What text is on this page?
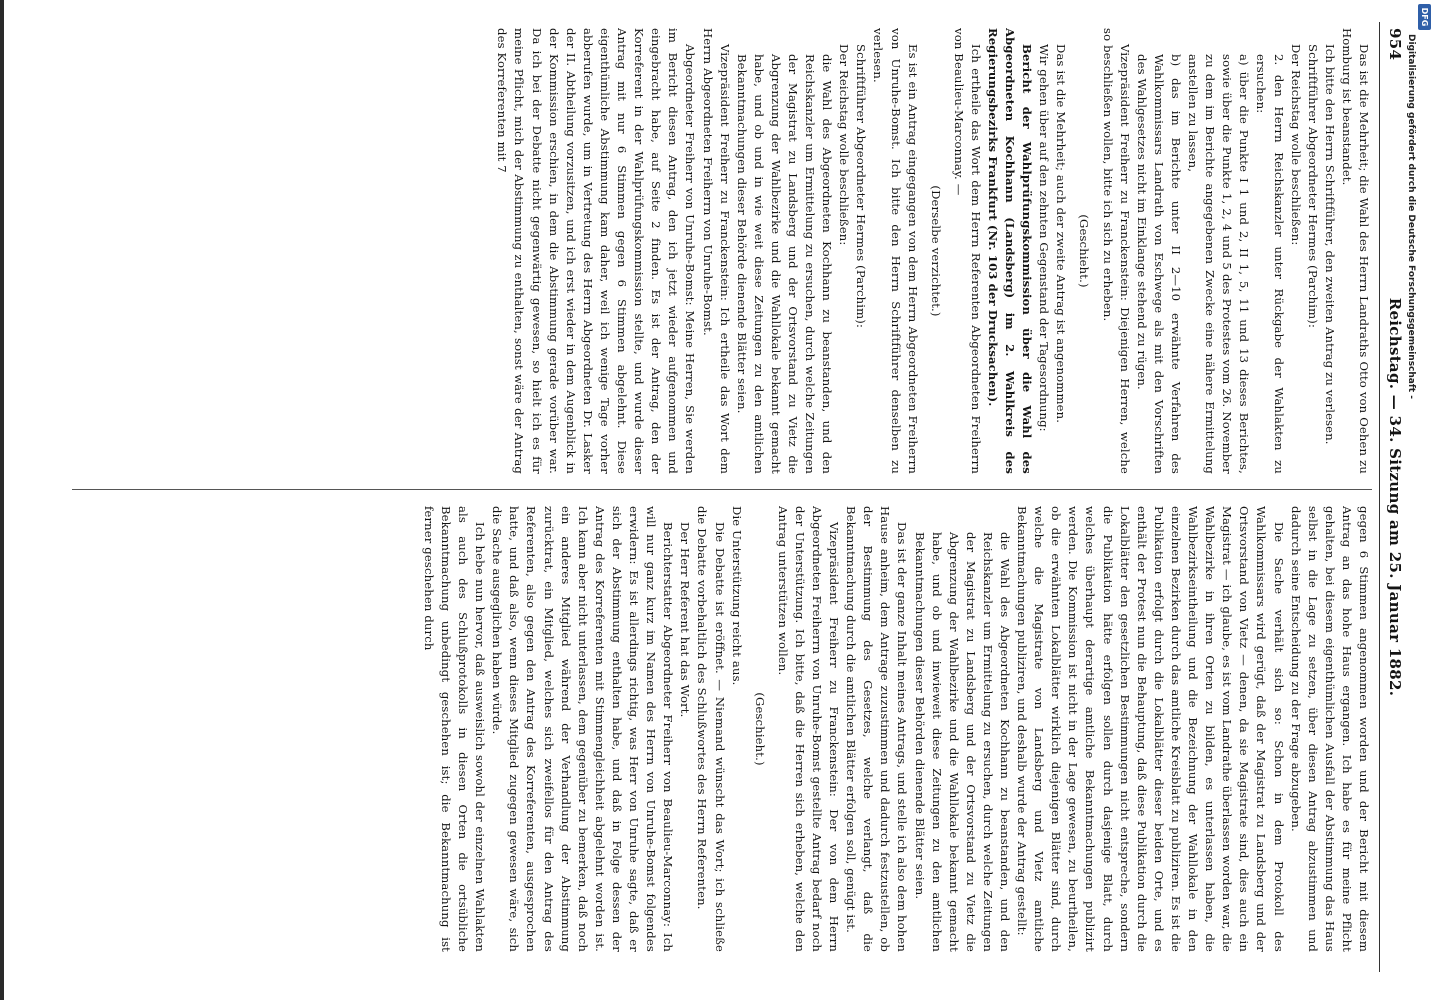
954
Reichstag. — 34. Sitzung am 25. Januar 1882.

Das ist die Mehrheit; die Wahl des Herrn Landraths Otto von Oehen zu Homburg ist beanstandet.

Ich bitte den Herrn Schriftführer, den zweiten Antrag zu verlesen.

Schriftführer Abgeordneter Hermes (Parchim):

Der Reichstag wolle beschließen:

2. den Herrn Reichskanzler unter Rückgabe der Wahlakten zu ersuchen:

a) über die Punkte I 1 und 2, II 1, 5, 11 und 13 dieses Berichtes, sowie über die Punkte 1, 2, 4 und 5 des Protestes vom 26. November zu dem im Berichte angegebenen Zwecke eine nähere Ermittelung anstellen zu lassen,

b) das im Berichte unter II 2—10 erwähnte Verfahren des Wahlkommissars Landrath von Eschwege als mit den Vorschriften des Wahlgesetzes nicht im Einklange stehend zu rügen.

Vizepräsident Freiherr zu Franckenstein: Diejenigen Herren, welche so beschließen wollen, bitte ich sich zu erheben.

(Geschieht.)

Das ist die Mehrheit; auch der zweite Antrag ist angenommen.

Wir gehen über auf den zehnten Gegenstand der Tagesordnung:

Bericht der Wahlprüfungskommission über die Wahl des Abgeordneten Kochhann (Landsberg) im 2. Wahlkreis des Regierungsbezirks Frankfurt (Nr. 103 der Drucksachen).

Ich ertheile das Wort dem Herrn Referenten Abgeordneten Freiherrn von Beaulieu-Marconnay. —

(Derselbe verzichtet.)

Es ist ein Antrag eingegangen von dem Herrn Abgeordneten Freiherrn von Unruhe-Bomst. Ich bitte den Herrn Schriftführer denselben zu verlesen.

Schriftführer Abgeordneter Hermes (Parchim):

Der Reichstag wolle beschließen:

die Wahl des Abgeordneten Kochhann zu beanstanden, und den Reichskanzler um Ermittelung zu ersuchen, durch welche Zeitungen der Magistrat zu Landsberg und der Ortsvorstand zu Vietz die Abgrenzung der Wahlbezirke und die Wahllokale bekannt gemacht habe, und ob und in wie weit diese Zeitungen zu den amtlichen Bekanntmachungen dieser Behörde dienende Blätter seien.

Vizepräsident Freiherr zu Franckenstein: Ich ertheile das Wort dem Herrn Abgeordneten Freiherrn von Unruhe-Bomst.

Abgeordneter Freiherr von Unruhe-Bomst: Meine Herren, Sie werden im Bericht diesen Antrag, den ich jetzt wieder aufgenommen und eingebracht habe, auf Seite 2 finden. Es ist der Antrag, den der Korreferent in der Wahlprüfungskommission stellte, und wurde dieser Antrag mit nur 6 Stimmen gegen 6 Stimmen abgelehnt. Diese eigenthümliche Abstimmung kam daher, weil ich wenige Tage vorher abberufen wurde, um in Vertretung des Herrn Abgeordneten Dr. Lasker der II. Abtheilung vorzusitzen, und ich erst wieder in dem Augenblick in der Kommission erschien, in dem die Abstimmung gerade vorüber war. Da ich bei der Debatte nicht gegenwärtig gewesen, so hielt ich es für meine Pflicht, mich der Abstimmung zu enthalten, sonst wäre der Antrag des Korreferenten mit 7

gegen 6 Stimmen angenommen worden und der Bericht mit diesem Antrag an das hohe Haus ergangen. Ich habe es für meine Pflicht gehalten, bei diesem eigenthümlichen Ausfall der Abstimmung das Haus selbst in die Lage zu setzen, über diesen Antrag abzustimmen und dadurch seine Entscheidung zu der Frage abzugeben.

Die Sache verhält sich so: Schon in dem Protokoll des Wahlkommissars wird gerügt, daß der Magistrat zu Landsberg und der Ortsvorstand von Vietz — denen, da sie Magistrate sind, dies auch ein Magistrat — ich glaube, es ist vom Landrathe überlassen worden war, die Wahlbezirke in ihren Orten zu bilden, es unterlassen haben, die Wahlbezirkseintheilung und die Bezeichnung der Wahllokale in den einzelnen Bezirken durch das amtliche Kreisblatt zu publiziren. Es ist die Publikation erfolgt durch die Lokalblätter dieser beiden Orte, und es enthält der Protest nun die Behauptung, daß diese Publikation durch die Lokalblätter den gesetzlichen Bestimmungen nicht entspreche, sondern die Publikation hätte erfolgen sollen durch dasjenige Blatt, durch welches überhaupt derartige amtliche Bekanntmachungen publizirt werden. Die Kommission ist nicht in der Lage gewesen, zu beurtheilen, ob die erwähnten Lokalblätter wirklich diejenigen Blätter sind, durch welche die Magistrate von Landsberg und Vietz amtliche Bekanntmachungen publiziren, und deshalb wurde der Antrag gestellt:

die Wahl des Abgeordneten Kochhann zu beanstanden, und den Reichskanzler um Ermittelung zu ersuchen, durch welche Zeitungen der Magistrat zu Landsberg und der Ortsvorstand zu Vietz die Abgrenzung der Wahlbezirke und die Wahllokale bekannt gemacht habe, und ob und inwieweit diese Zeitungen zu den amtlichen Bekanntmachungen dieser Behörden dienende Blätter seien.

Das ist der ganze Inhalt meines Antrags, und stelle ich also dem hohen Hause anheim, dem Antrage zuzustimmen und dadurch festzustellen, ob der Bestimmung des Gesetzes, welche verlangt, daß die Bekanntmachung durch die amtlichen Blätter erfolgen soll, genügt ist.

Vizepräsident Freiherr zu Franckenstein: Der von dem Herrn Abgeordneten Freiherrn von Unruhe-Bomst gestellte Antrag bedarf noch der Unterstützung. Ich bitte, daß die Herren sich erheben, welche den Antrag unterstützen wollen.

(Geschieht.)

Die Unterstützung reicht aus.

Die Debatte ist eröffnet. — Niemand wünscht das Wort; ich schließe die Debatte vorbehaltlich des Schlußwortes des Herrn Referenten.

Der Herr Referent hat das Wort.

Berichterstatter Abgeordneter Freiherr von Beaulieu-Marconnay: Ich will nur ganz kurz im Namen des Herrn von Unruhe-Bomst folgendes erwidern: Es ist allerdings richtig, was Herr von Unruhe sagte, daß er sich der Abstimmung enthalten habe, und daß in Folge dessen der Antrag des Korreferenten mit Stimmengleichheit abgelehnt worden ist. Ich kann aber nicht unterlassen, dem gegenüber zu bemerken, daß noch ein anderes Mitglied während der Verhandlung der Abstimmung zurücktrat, ein Mitglied, welches sich zweifellos für den Antrag des Referenten, also gegen den Antrag des Korreferenten, ausgesprochen hatte, und daß also, wenn dieses Mitglied zugegen gewesen wäre, sich die Sache ausgeglichen haben würde.

Ich hebe nun hervor, daß ausweislich sowohl der einzelnen Wahlakten als auch des Schlußprotokolls in diesen Orten die ortsübliche Bekanntmachung unbedingt geschehen ist; die Bekanntmachung ist ferner geschehen durch

DFG
Digitalisierung gefördert durch die Deutsche Forschungsgemeinschaft -
